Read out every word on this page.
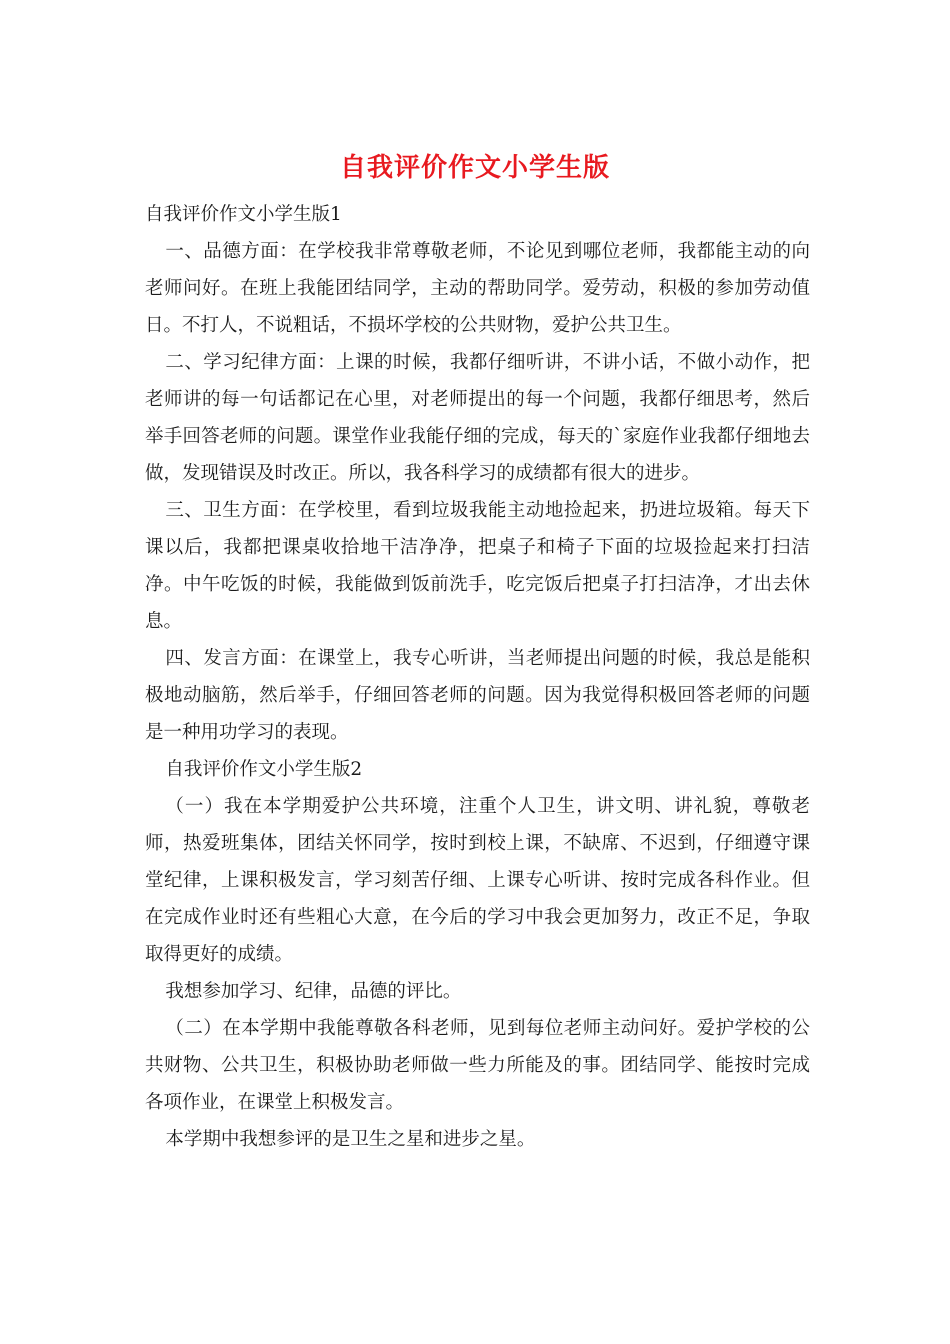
自我评价作文小学生版

自我评价作文小学生版1

一、品德方面：在学校我非常尊敬老师，不论见到哪位老师，我都能主动的向老师问好。在班上我能团结同学，主动的帮助同学。爱劳动，积极的参加劳动值日。不打人，不说粗话，不损坏学校的公共财物，爱护公共卫生。

二、学习纪律方面：上课的时候，我都仔细听讲，不讲小话，不做小动作，把老师讲的每一句话都记在心里，对老师提出的每一个问题，我都仔细思考，然后举手回答老师的问题。课堂作业我能仔细的完成，每天的`家庭作业我都仔细地去做，发现错误及时改正。所以，我各科学习的成绩都有很大的进步。

三、卫生方面：在学校里，看到垃圾我能主动地捡起来，扔进垃圾箱。每天下课以后，我都把课桌收拾地干洁净净，把桌子和椅子下面的垃圾捡起来打扫洁净。中午吃饭的时候，我能做到饭前洗手，吃完饭后把桌子打扫洁净，才出去休息。

四、发言方面：在课堂上，我专心听讲，当老师提出问题的时候，我总是能积极地动脑筋，然后举手，仔细回答老师的问题。因为我觉得积极回答老师的问题是一种用功学习的表现。

自我评价作文小学生版2

（一）我在本学期爱护公共环境，注重个人卫生，讲文明、讲礼貌，尊敬老师，热爱班集体，团结关怀同学，按时到校上课，不缺席、不迟到，仔细遵守课堂纪律，上课积极发言，学习刻苦仔细、上课专心听讲、按时完成各科作业。但在完成作业时还有些粗心大意，在今后的学习中我会更加努力，改正不足，争取取得更好的成绩。

我想参加学习、纪律，品德的评比。

（二）在本学期中我能尊敬各科老师，见到每位老师主动问好。爱护学校的公共财物、公共卫生，积极协助老师做一些力所能及的事。团结同学、能按时完成各项作业，在课堂上积极发言。

本学期中我想参评的是卫生之星和进步之星。
